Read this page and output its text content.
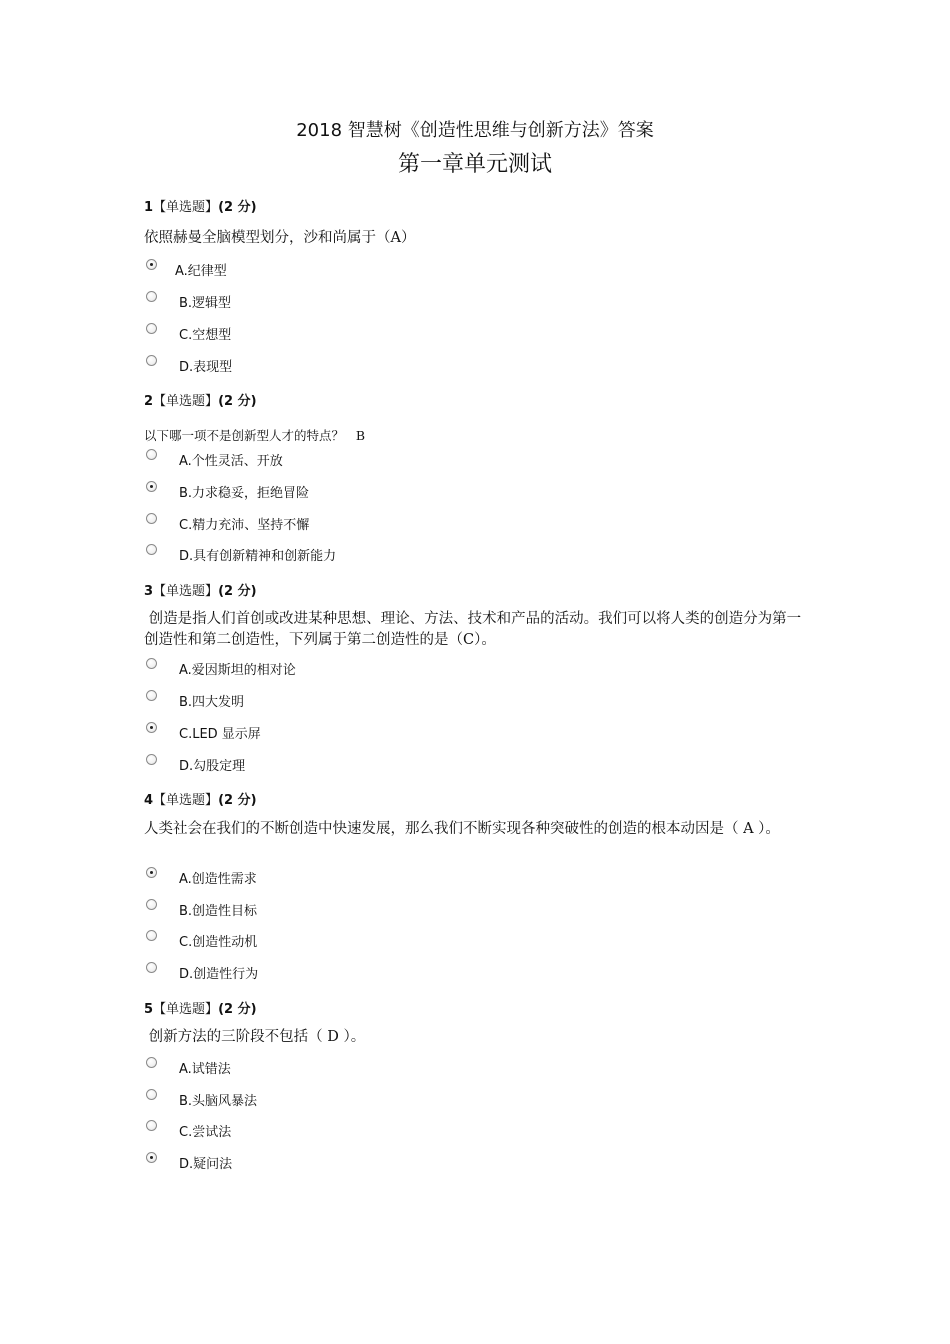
2018 智慧树《创造性思维与创新方法》答案
第一章单元测试
1【单选题】(2 分)
依照赫曼全脑模型划分，沙和尚属于（A）
A.纪律型
B.逻辑型
C.空想型
D.表现型
2【单选题】(2 分)
以下哪一项不是创新型人才的特点？   B
A.个性灵活、开放
B.力求稳妥，拒绝冒险
C.精力充沛、坚持不懈
D.具有创新精神和创新能力
3【单选题】(2 分)
创造是指人们首创或改进某种思想、理论、方法、技术和产品的活动。我们可以将人类的创造分为第一创造性和第二创造性，下列属于第二创造性的是（C）。
A.爱因斯坦的相对论
B.四大发明
C.LED 显示屏
D.勾股定理
4【单选题】(2 分)
人类社会在我们的不断创造中快速发展，那么我们不断实现各种突破性的创造的根本动因是（ A ）。
A.创造性需求
B.创造性目标
C.创造性动机
D.创造性行为
5【单选题】(2 分)
创新方法的三阶段不包括（ D ）。
A.试错法
B.头脑风暴法
C.尝试法
D.疑问法
